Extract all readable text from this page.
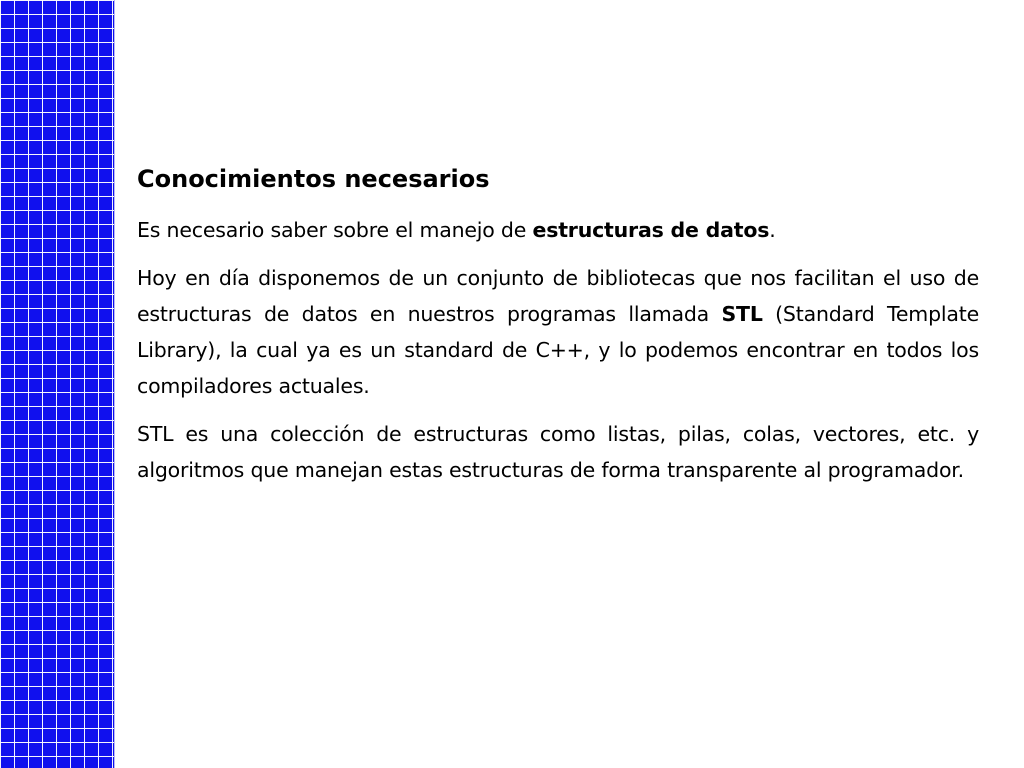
Conocimientos necesarios

Es necesario saber sobre el manejo de estructuras de datos.

Hoy en día disponemos de un conjunto de bibliotecas que nos facilitan el uso de estructuras de datos en nuestros programas llamada STL (Standard Template Library), la cual ya es un standard de C++, y lo podemos encontrar en todos los compiladores actuales.

STL es una colección de estructuras como listas, pilas, colas, vectores, etc. y algoritmos que manejan estas estructuras de forma transparente al programador.
